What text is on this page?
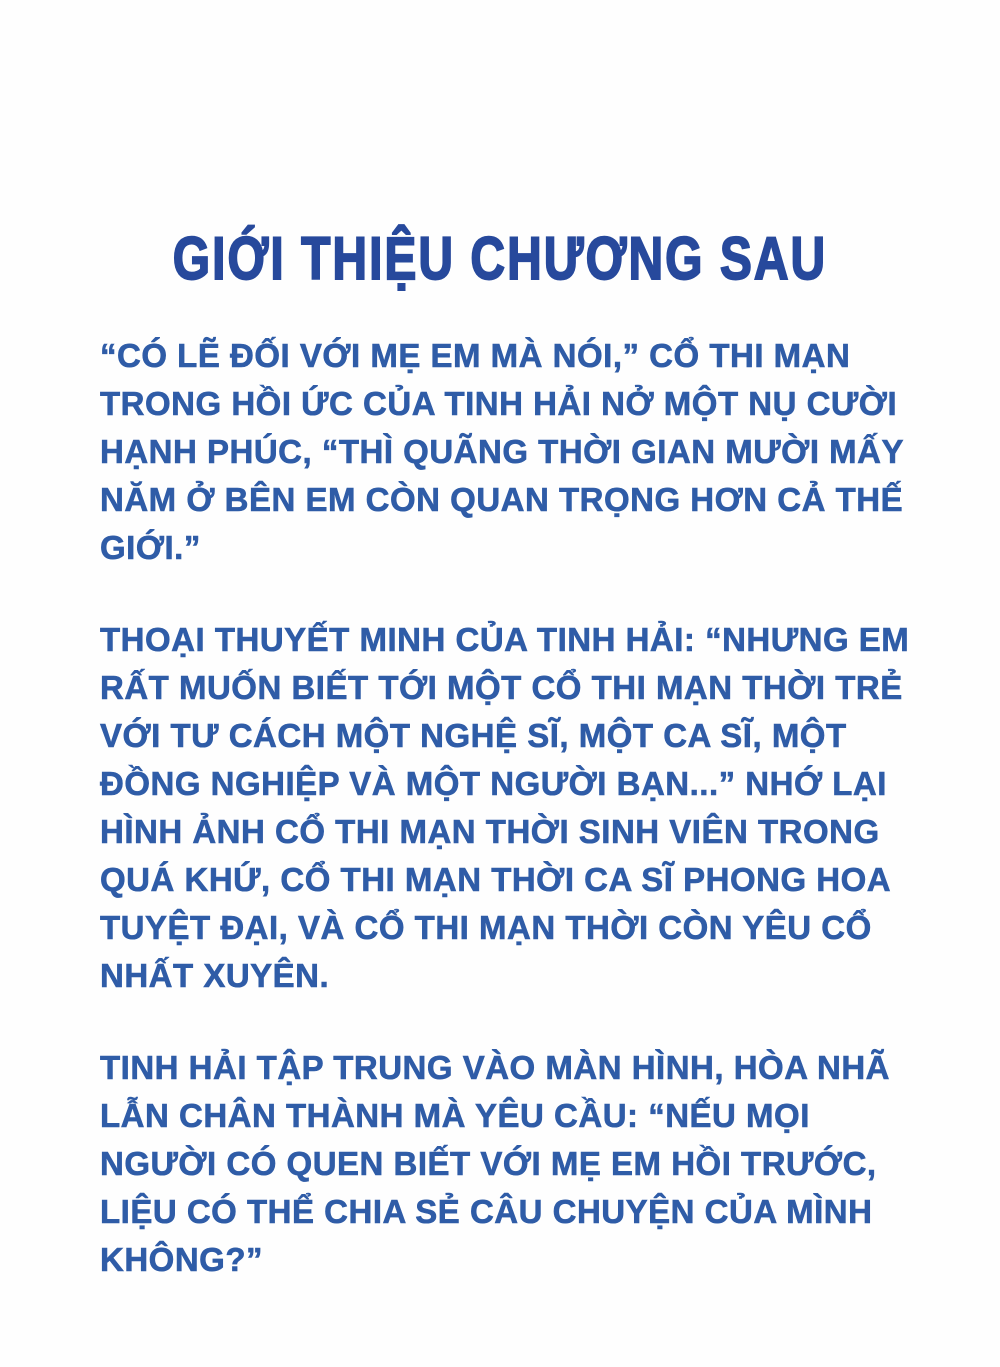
GIỚI THIỆU CHƯƠNG SAU
“CÓ LẼ ĐỐI VỚI MẸ EM MÀ NÓI,” CỔ THI MẠN
TRONG HỒI ỨC CỦA TINH HẢI NỞ MỘT NỤ CƯỜI
HẠNH PHÚC, “THÌ QUÃNG THỜI GIAN MƯỜI MẤY
NĂM Ở BÊN EM CÒN QUAN TRỌNG HƠN CẢ THẾ
GIỚI.”
THOẠI THUYẾT MINH CỦA TINH HẢI: “NHƯNG EM
RẤT MUỐN BIẾT TỚI MỘT CỔ THI MẠN THỜI TRẺ
VỚI TƯ CÁCH MỘT NGHỆ SĨ, MỘT CA SĨ, MỘT
ĐỒNG NGHIỆP VÀ MỘT NGƯỜI BẠN...” NHỚ LẠI
HÌNH ẢNH CỔ THI MẠN THỜI SINH VIÊN TRONG
QUÁ KHỨ, CỔ THI MẠN THỜI CA SĨ PHONG HOA
TUYỆT ĐẠI, VÀ CỔ THI MẠN THỜI CÒN YÊU CỔ
NHẤT XUYÊN.
TINH HẢI TẬP TRUNG VÀO MÀN HÌNH, HÒA NHÃ
LẪN CHÂN THÀNH MÀ YÊU CẦU: “NẾU MỌI
NGƯỜI CÓ QUEN BIẾT VỚI MẸ EM HỒI TRƯỚC,
LIỆU CÓ THỂ CHIA SẺ CÂU CHUYỆN CỦA MÌNH
KHÔNG?”
